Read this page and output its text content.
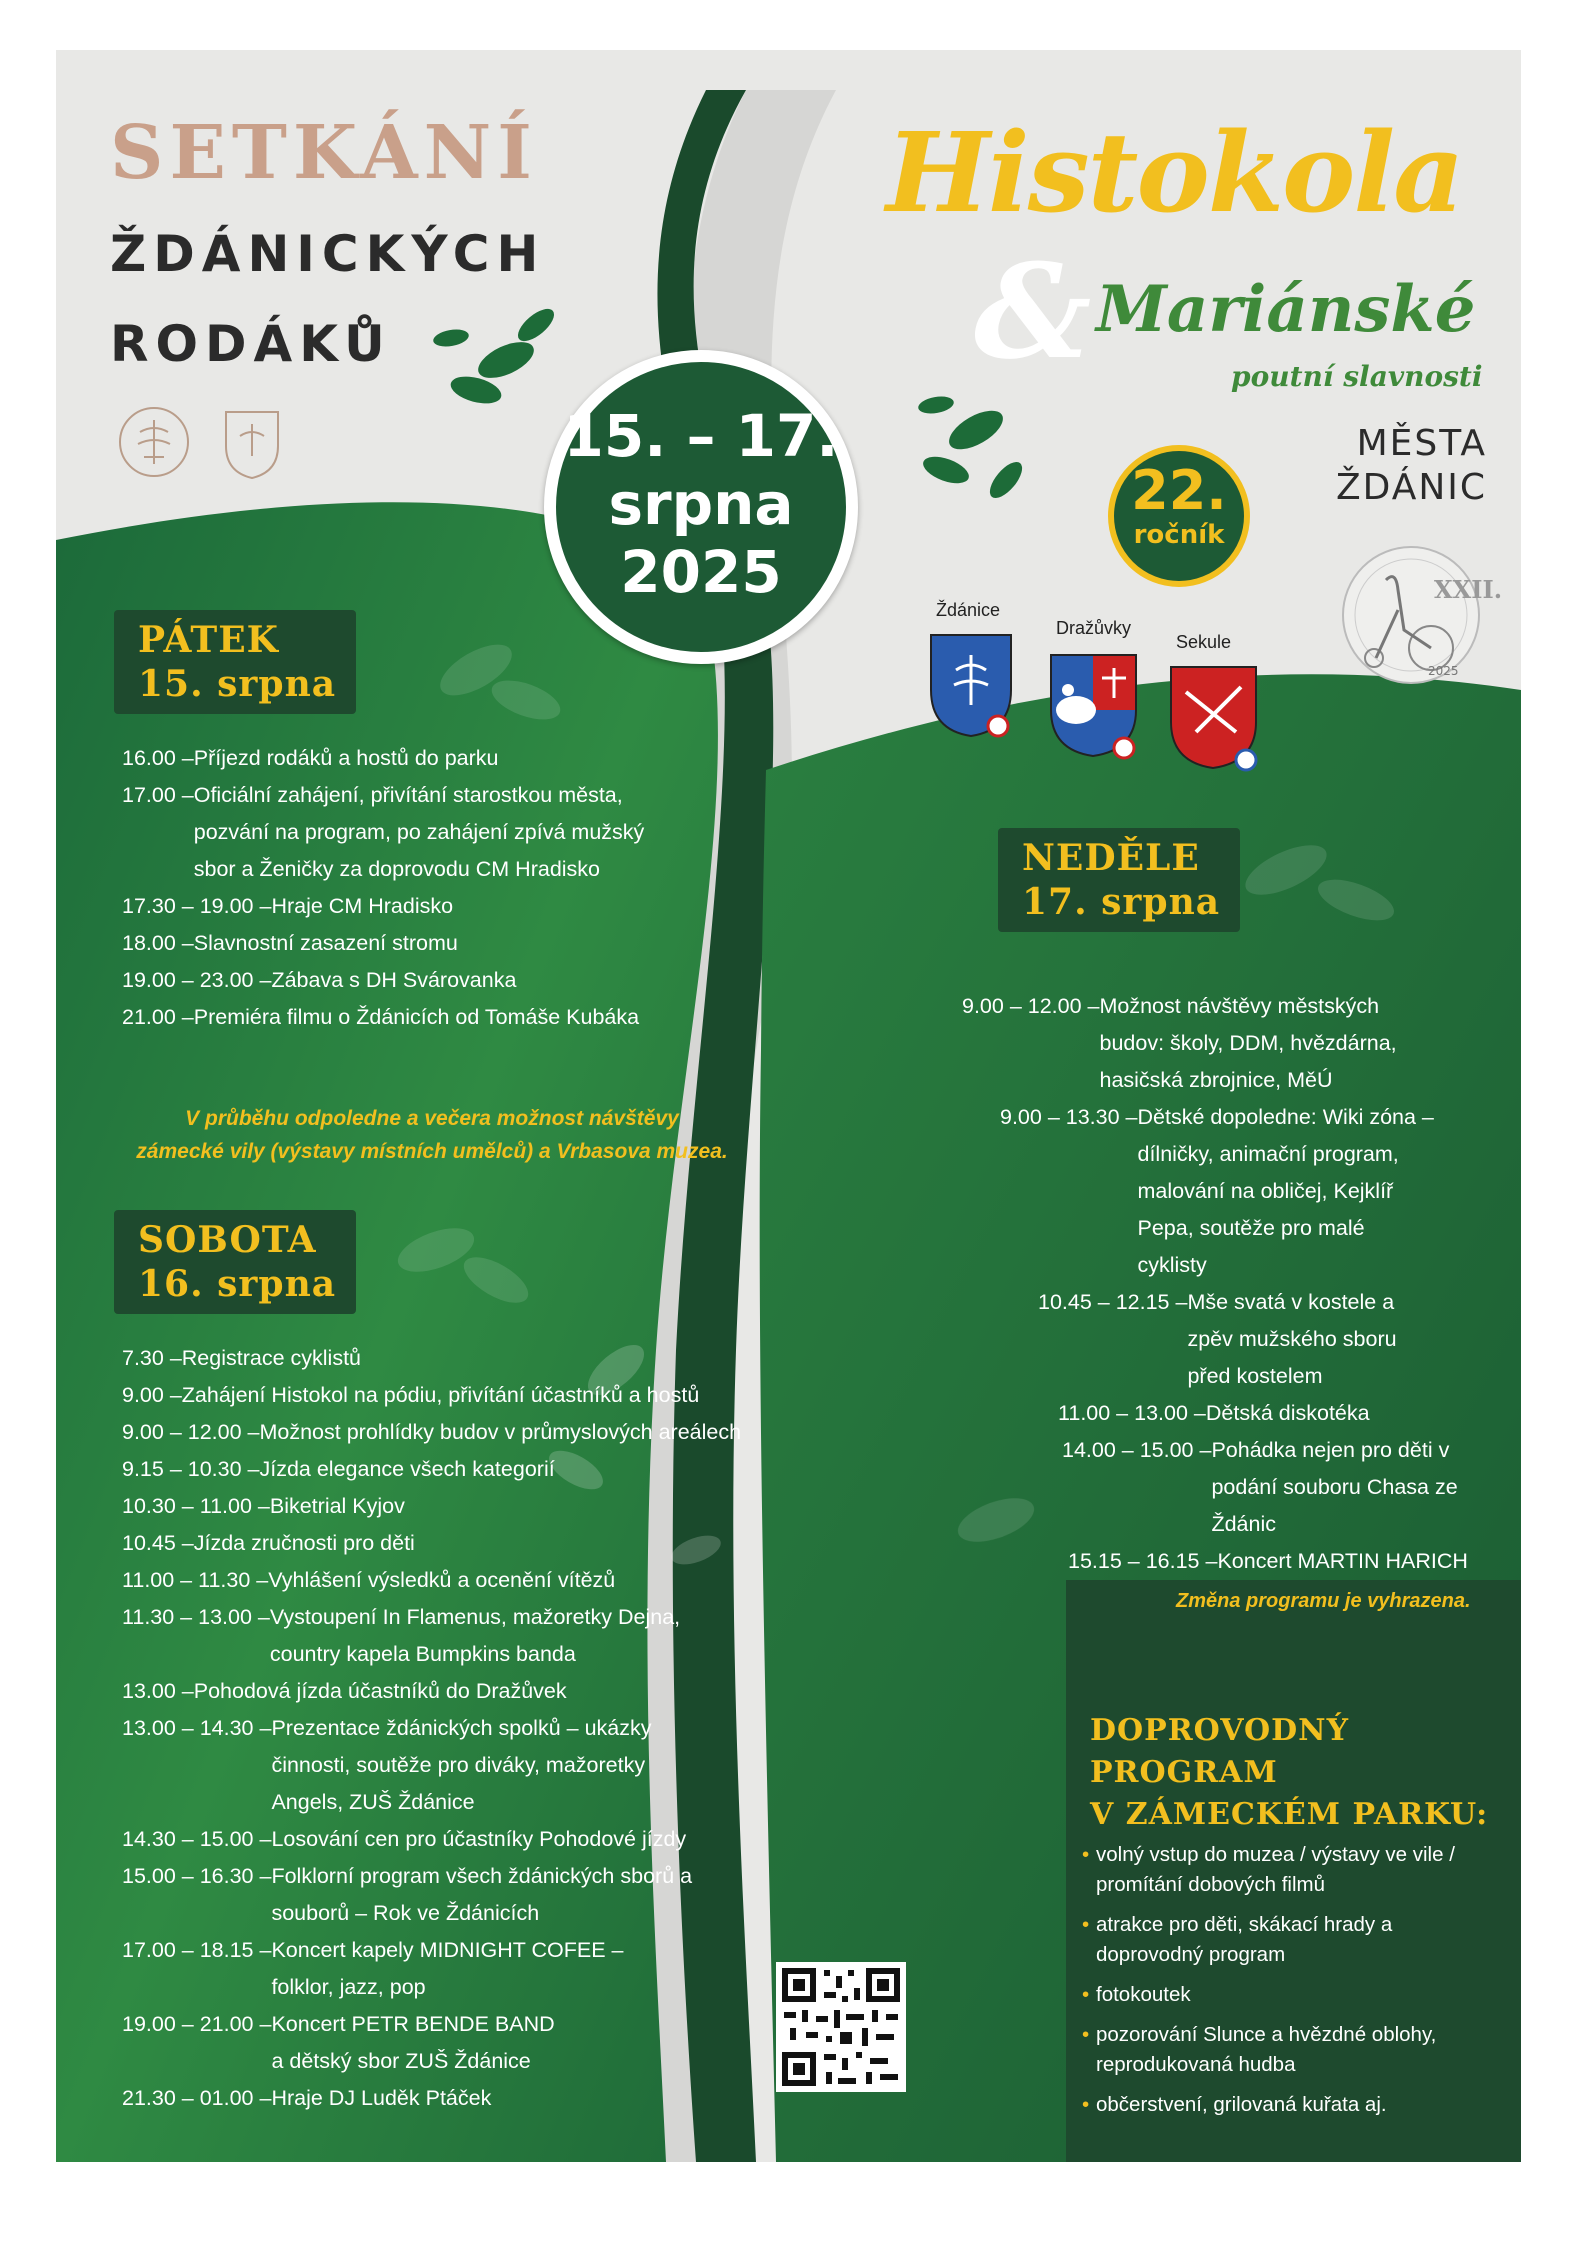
SETKÁNÍ
ŽDÁNICKÝCH
RODÁKŮ
Histokola
& Mariánské
poutní slavnosti
MĚSTA
ŽDÁNIC
15. – 17.
srpna
2025
22.
ročník
XXII.
2025
Ždánice
Dražůvky
Sekule
PÁTEK
15. srpna
16.00 – Příjezd rodáků a hostů do parku
17.00 – Oficiální zahájení, přivítání starostkou města, pozvání na program, po zahájení zpívá mužský sbor a Ženičky za doprovodu CM Hradisko
17.30 – 19.00 – Hraje CM Hradisko
18.00 – Slavnostní zasazení stromu
19.00 – 23.00 – Zábava s DH Svárovanka
21.00 – Premiéra filmu o Ždánicích od Tomáše Kubáka
V průběhu odpoledne a večera možnost návštěvy
zámecké vily (výstavy místních umělců) a Vrbasova muzea.
SOBOTA
16. srpna
7.30 – Registrace cyklistů
9.00 – Zahájení Histokol na pódiu, přivítání účastníků a hostů
9.00 – 12.00 – Možnost prohlídky budov v průmyslových areálech
9.15 – 10.30 – Jízda elegance všech kategorií
10.30 – 11.00 – Biketrial Kyjov
10.45 – Jízda zručnosti pro děti
11.00 – 11.30 – Vyhlášení výsledků a ocenění vítězů
11.30 – 13.00 – Vystoupení In Flamenus, mažoretky Dejna, country kapela Bumpkins banda
13.00 – Pohodová jízda účastníků do Dražůvek
13.00 – 14.30 – Prezentace ždánických spolků – ukázky činnosti, soutěže pro diváky, mažoretky Angels, ZUŠ Ždánice
14.30 – 15.00 – Losování cen pro účastníky Pohodové jízdy
15.00 – 16.30 – Folklorní program všech ždánických sborů a souborů – Rok ve Ždánicích
17.00 – 18.15 – Koncert kapely MIDNIGHT COFEE – folklor, jazz, pop
19.00 – 21.00 – Koncert PETR BENDE BAND a dětský sbor ZUŠ Ždánice
21.30 – 01.00 – Hraje DJ Luděk Ptáček
NEDĚLE
17. srpna
9.00 – 12.00 – Možnost návštěvy městských budov: školy, DDM, hvězdárna, hasičská zbrojnice, MěÚ
9.00 – 13.30 – Dětské dopoledne: Wiki zóna – dílničky, animační program, malování na obličej, Kejklíř Pepa, soutěže pro malé cyklisty
10.45 – 12.15 – Mše svatá v kostele a zpěv mužského sboru před kostelem
11.00 – 13.00 – Dětská diskotéka
14.00 – 15.00 – Pohádka nejen pro děti v podání souboru Chasa ze Ždánic
15.15 – 16.15 – Koncert MARTIN HARICH
Změna programu je vyhrazena.
DOPROVODNÝ PROGRAM
V ZÁMECKÉM PARKU:
• volný vstup do muzea / výstavy ve vile / promítání dobových filmů
• atrakce pro děti, skákací hrady a doprovodný program
• fotokoutek
• pozorování Slunce a hvězdné oblohy, reprodukovaná hudba
• občerstvení, grilovaná kuřata aj.
